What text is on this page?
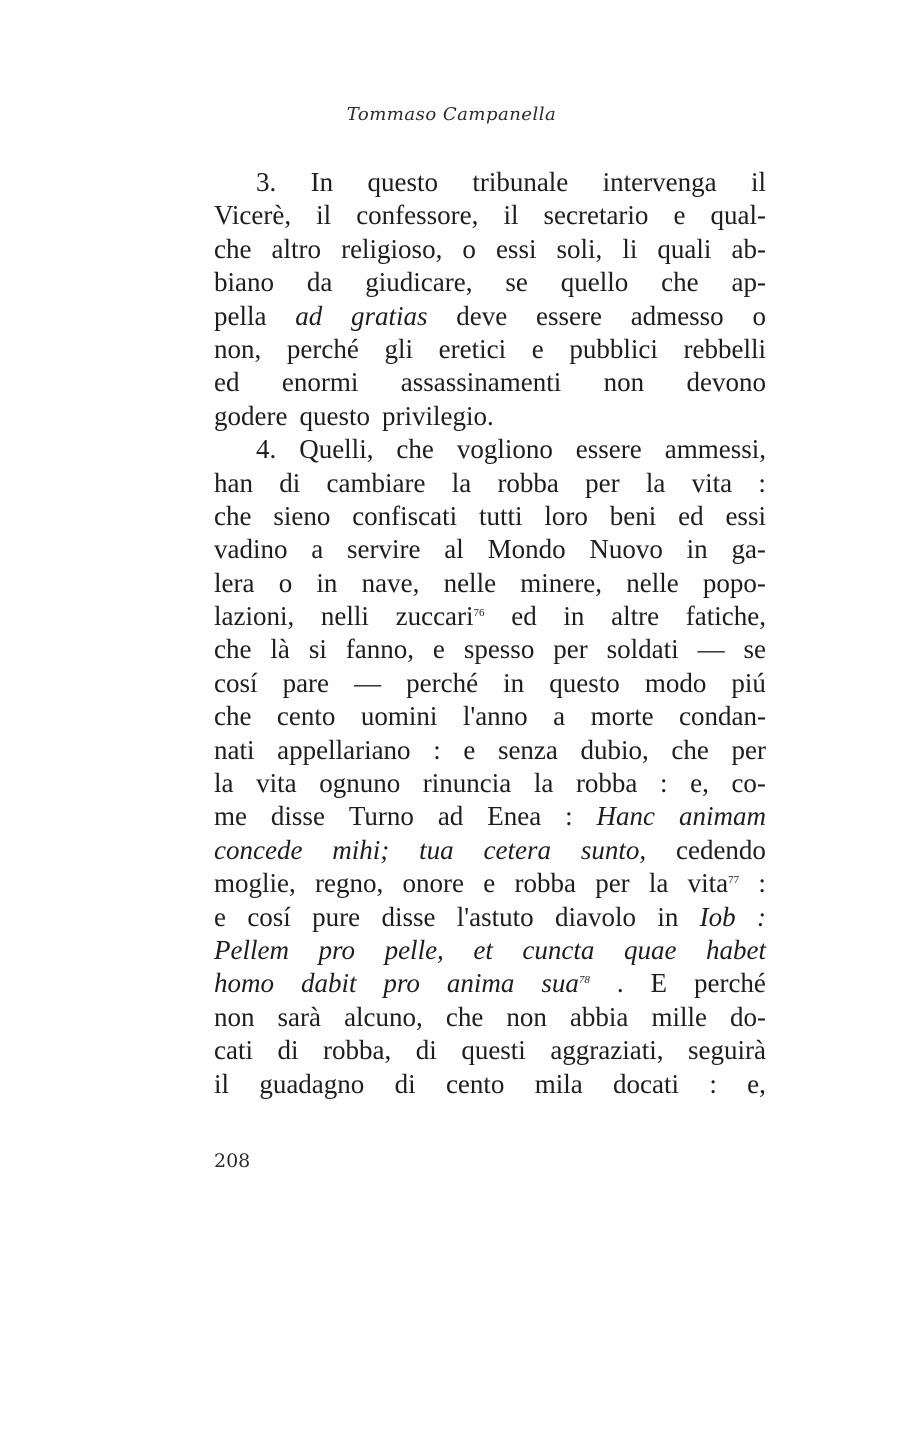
Tommaso Campanella
3. In questo tribunale intervenga il
Vicerè, il confessore, il secretario e qual-
che altro religioso, o essi soli, li quali ab-
biano da giudicare, se quello che ap-
pella ad gratias deve essere admesso o
non, perché gli eretici e pubblici rebbelli
ed enormi assassinamenti non devono
godere questo privilegio.
4. Quelli, che vogliono essere ammessi,
han di cambiare la robba per la vita :
che sieno confiscati tutti loro beni ed essi
vadino a servire al Mondo Nuovo in ga-
lera o in nave, nelle minere, nelle popo-
lazioni, nelli zuccari$^{76}$ ed in altre fatiche,
che là si fanno, e spesso per soldati — se
cosí pare — perché in questo modo piú
che cento uomini l'anno a morte condan-
nati appellariano : e senza dubio, che per
la vita ognuno rinuncia la robba : e, co-
me disse Turno ad Enea : Hanc animam
concede mihi; tua cetera sunto, cedendo
moglie, regno, onore e robba per la vita$^{77}$ :
e cosí pure disse l'astuto diavolo in Iob :
Pellem pro pelle, et cuncta quae habet
homo dabit pro anima sua$^{78}$ . E perché
non sarà alcuno, che non abbia mille do-
cati di robba, di questi aggraziati, seguirà
il guadagno di cento mila docati : e,
208
